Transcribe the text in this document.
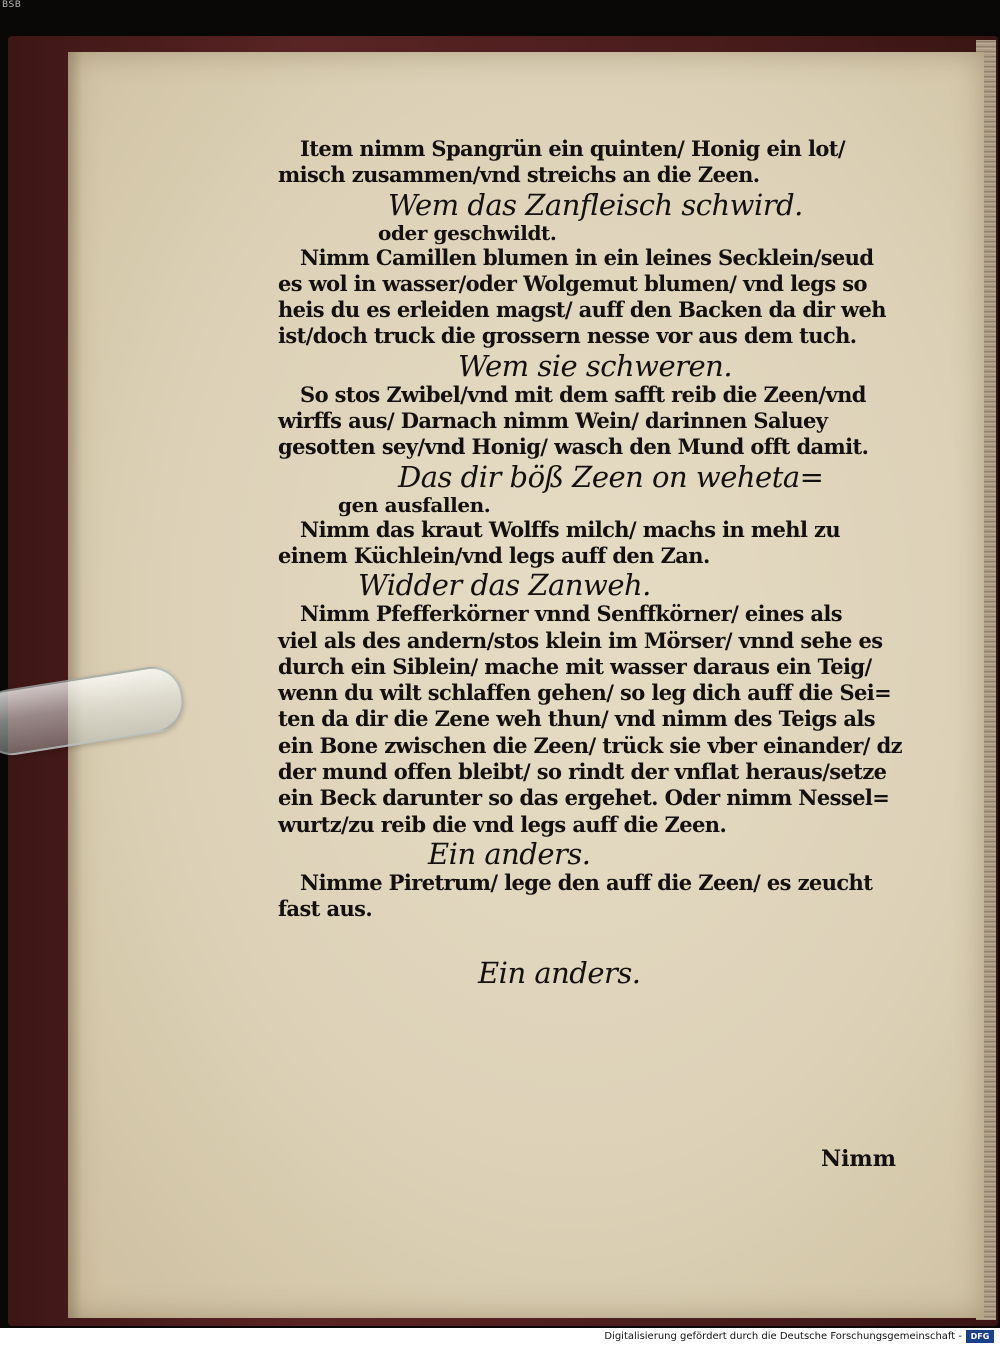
BSB

Item nimm Spangrün ein quinten/ Honig ein lot/
misch zusammen/vnd streichs an die Zeen.
Wem das Zanfleisch schwird.
oder geschwildt.
Nimm Camillen blumen in ein leines Secklein/seud
es wol in wasser/oder Wolgemut blumen/ vnd legs so
heis du es erleiden magst/ auff den Backen da dir weh
ist/doch truck die grossern nesse vor aus dem tuch.
Wem sie schweren.
So stos Zwibel/vnd mit dem safft reib die Zeen/vnd
wirffs aus/ Darnach nimm Wein/ darinnen Saluey
gesotten sey/vnd Honig/ wasch den Mund offt damit.
Das dir böß Zeen on weheta=
gen ausfallen.
Nimm das kraut Wolffs milch/ machs in mehl zu
einem Küchlein/vnd legs auff den Zan.
Widder das Zanweh.
Nimm Pfefferkörner vnnd Senffkörner/ eines als
viel als des andern/stos klein im Mörser/ vnnd sehe es
durch ein Siblein/ mache mit wasser daraus ein Teig/
wenn du wilt schlaffen gehen/ so leg dich auff die Sei=
ten da dir die Zene weh thun/ vnd nimm des Teigs als
ein Bone zwischen die Zeen/ trück sie vber einander/ dz
der mund offen bleibt/ so rindt der vnflat heraus/setze
ein Beck darunter so das ergehet. Oder nimm Nessel=
wurtz/zu reib die vnd legs auff die Zeen.
Ein anders.
Nimme Piretrum/ lege den auff die Zeen/ es zeucht
fast aus.
Ein anders.
Nimm
Digitalisierung gefördert durch die Deutsche Forschungsgemeinschaft -	DFG
